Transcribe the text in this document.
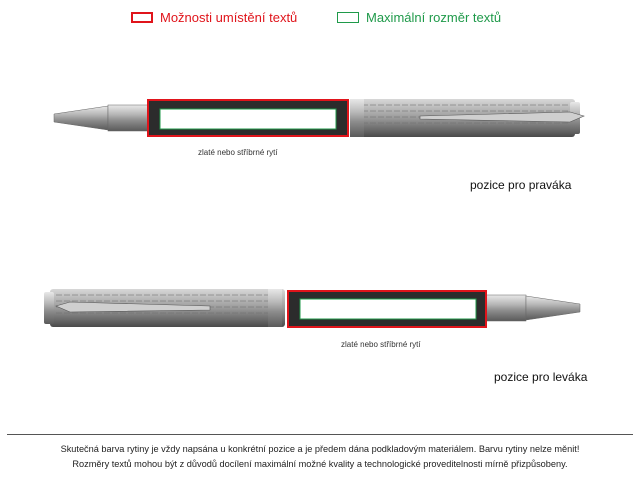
Možnosti umístění textů	Maximální rozměr textů
zlaté nebo stříbrné rytí
pozice pro praváka
zlaté nebo stříbrné rytí
pozice pro leváka
Skutečná barva rytiny je vždy napsána u konkrétní pozice a je předem dána podkladovým materiálem. Barvu rytiny nelze měnit!
Rozměry textů mohou být z důvodů docílení maximální možné kvality a technologické proveditelnosti mírně přizpůsobeny.
